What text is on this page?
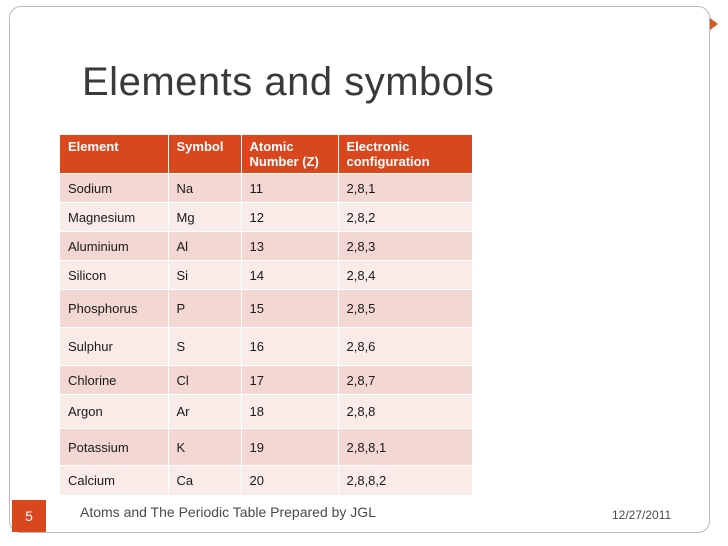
Elements and symbols
Element	Symbol	Atomic Number (Z)	Electronic configuration
Sodium	Na	11	2,8,1
Magnesium	Mg	12	2,8,2
Aluminium	Al	13	2,8,3
Silicon	Si	14	2,8,4
Phosphorus	P	15	2,8,5
Sulphur	S	16	2,8,6
Chlorine	Cl	17	2,8,7
Argon	Ar	18	2,8,8
Potassium	K	19	2,8,8,1
Calcium	Ca	20	2,8,8,2
5	Atoms and The Periodic Table Prepared by JGL	12/27/2011
